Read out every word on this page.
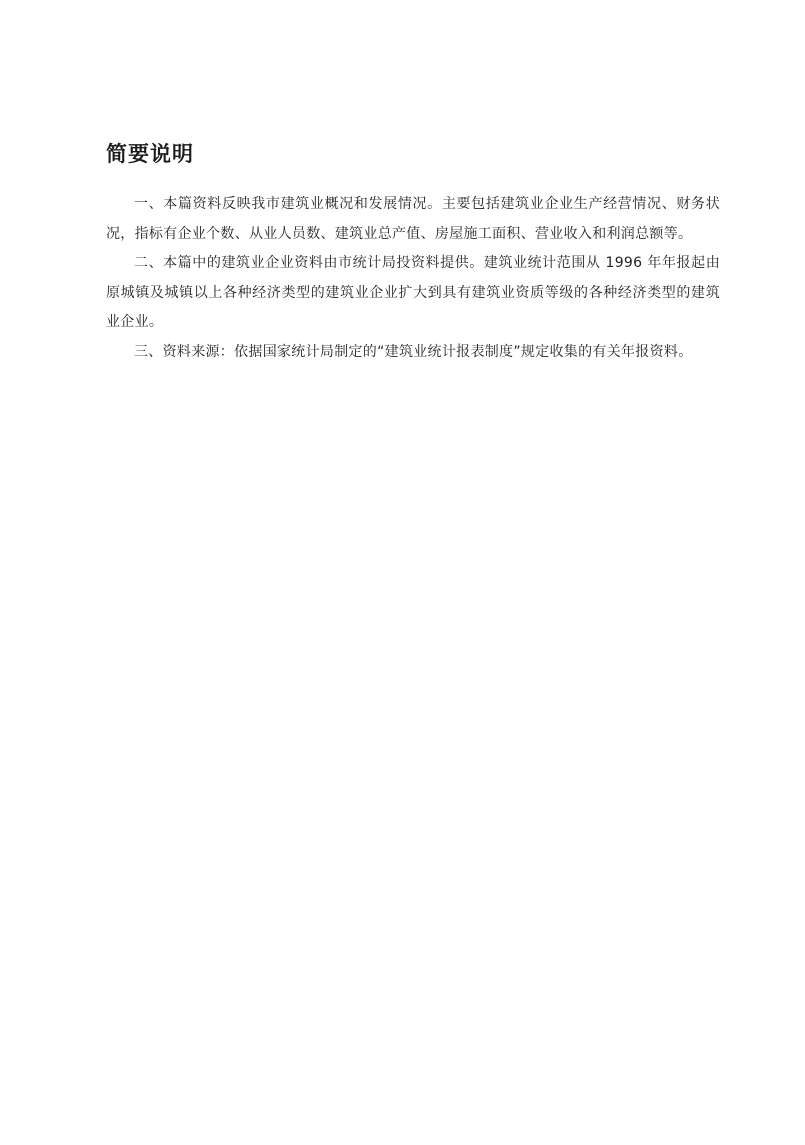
简要说明

一、本篇资料反映我市建筑业概况和发展情况。主要包括建筑业企业生产经营情况、财务状况，指标有企业个数、从业人员数、建筑业总产值、房屋施工面积、营业收入和利润总额等。

二、本篇中的建筑业企业资料由市统计局投资料提供。建筑业统计范围从 1996 年年报起由原城镇及城镇以上各种经济类型的建筑业企业扩大到具有建筑业资质等级的各种经济类型的建筑业企业。

三、资料来源：依据国家统计局制定的“建筑业统计报表制度”规定收集的有关年报资料。
